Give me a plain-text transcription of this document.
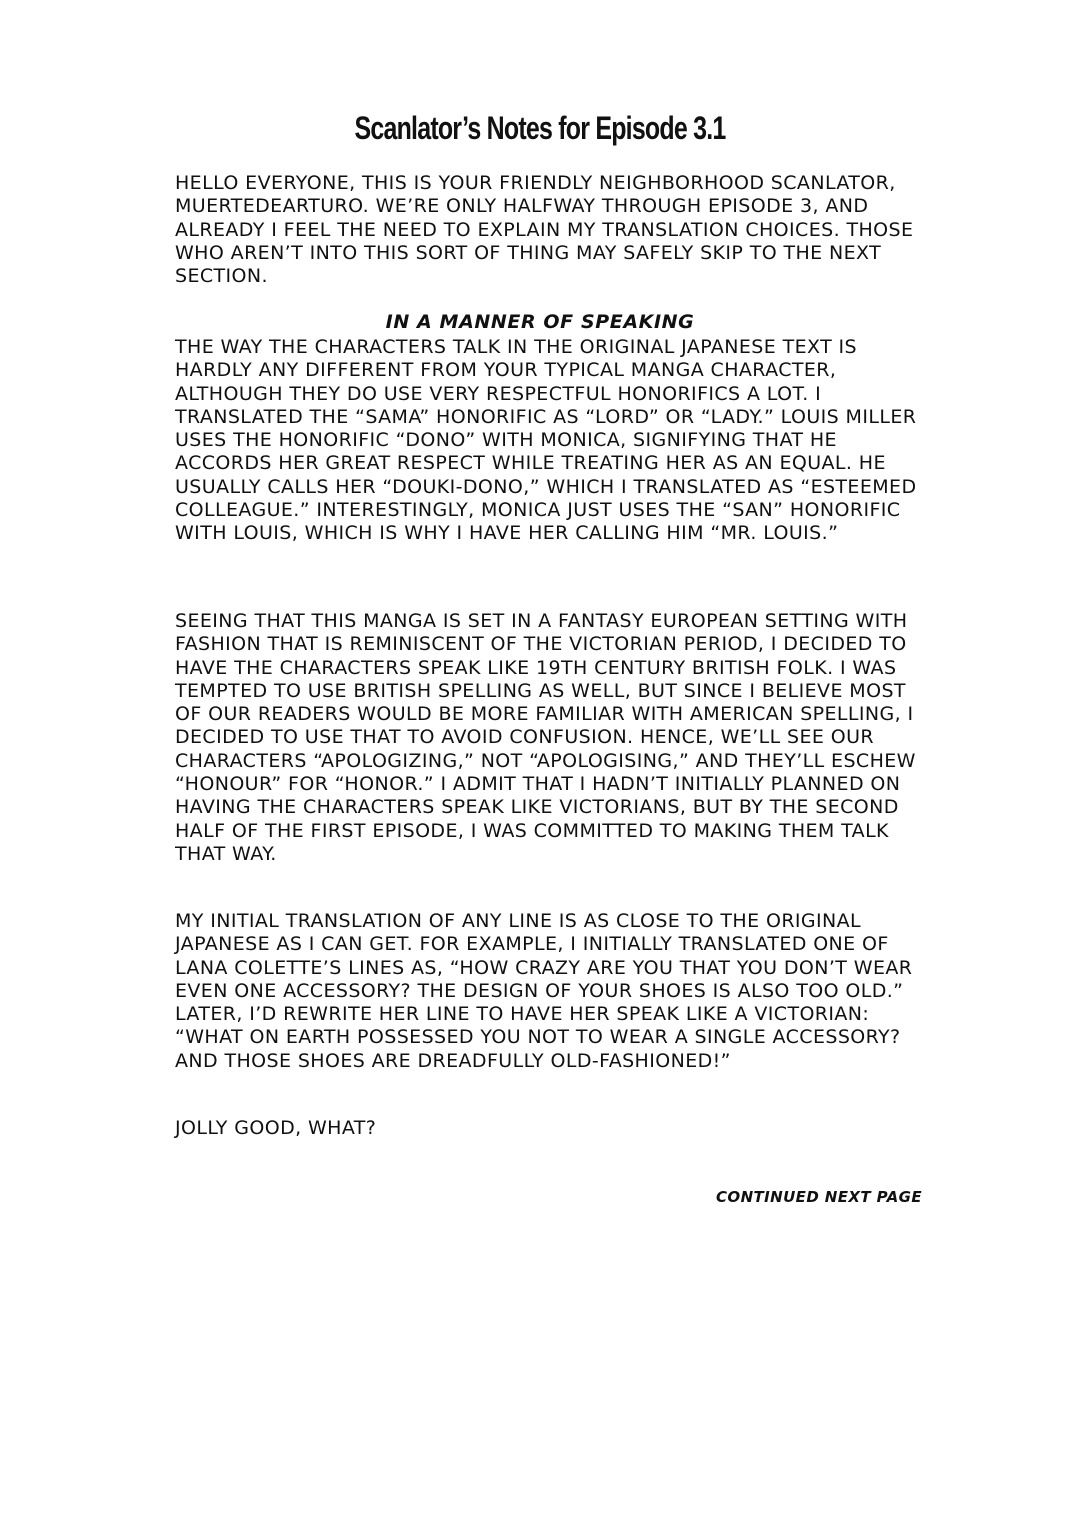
Scanlator’s Notes for Episode 3.1

HELLO EVERYONE, THIS IS YOUR FRIENDLY NEIGHBORHOOD SCANLATOR, MUERTEDEARTURO. WE’RE ONLY HALFWAY THROUGH EPISODE 3, AND ALREADY I FEEL THE NEED TO EXPLAIN MY TRANSLATION CHOICES. THOSE WHO AREN’T INTO THIS SORT OF THING MAY SAFELY SKIP TO THE NEXT SECTION.

IN A MANNER OF SPEAKING

THE WAY THE CHARACTERS TALK IN THE ORIGINAL JAPANESE TEXT IS HARDLY ANY DIFFERENT FROM YOUR TYPICAL MANGA CHARACTER, ALTHOUGH THEY DO USE VERY RESPECTFUL HONORIFICS A LOT. I TRANSLATED THE “SAMA” HONORIFIC AS “LORD” OR “LADY.” LOUIS MILLER USES THE HONORIFIC “DONO” WITH MONICA, SIGNIFYING THAT HE ACCORDS HER GREAT RESPECT WHILE TREATING HER AS AN EQUAL. HE USUALLY CALLS HER “DOUKI-DONO,” WHICH I TRANSLATED AS “ESTEEMED COLLEAGUE.” INTERESTINGLY, MONICA JUST USES THE “SAN” HONORIFIC WITH LOUIS, WHICH IS WHY I HAVE HER CALLING HIM “MR. LOUIS.”

SEEING THAT THIS MANGA IS SET IN A FANTASY EUROPEAN SETTING WITH FASHION THAT IS REMINISCENT OF THE VICTORIAN PERIOD, I DECIDED TO HAVE THE CHARACTERS SPEAK LIKE 19TH CENTURY BRITISH FOLK. I WAS TEMPTED TO USE BRITISH SPELLING AS WELL, BUT SINCE I BELIEVE MOST OF OUR READERS WOULD BE MORE FAMILIAR WITH AMERICAN SPELLING, I DECIDED TO USE THAT TO AVOID CONFUSION. HENCE, WE’LL SEE OUR CHARACTERS “APOLOGIZING,” NOT “APOLOGISING,” AND THEY’LL ESCHEW “HONOUR” FOR “HONOR.” I ADMIT THAT I HADN’T INITIALLY PLANNED ON HAVING THE CHARACTERS SPEAK LIKE VICTORIANS, BUT BY THE SECOND HALF OF THE FIRST EPISODE, I WAS COMMITTED TO MAKING THEM TALK THAT WAY.

MY INITIAL TRANSLATION OF ANY LINE IS AS CLOSE TO THE ORIGINAL JAPANESE AS I CAN GET. FOR EXAMPLE, I INITIALLY TRANSLATED ONE OF LANA COLETTE’S LINES AS, “HOW CRAZY ARE YOU THAT YOU DON’T WEAR EVEN ONE ACCESSORY? THE DESIGN OF YOUR SHOES IS ALSO TOO OLD.” LATER, I’D REWRITE HER LINE TO HAVE HER SPEAK LIKE A VICTORIAN: “WHAT ON EARTH POSSESSED YOU NOT TO WEAR A SINGLE ACCESSORY? AND THOSE SHOES ARE DREADFULLY OLD-FASHIONED!”

JOLLY GOOD, WHAT?

CONTINUED NEXT PAGE
